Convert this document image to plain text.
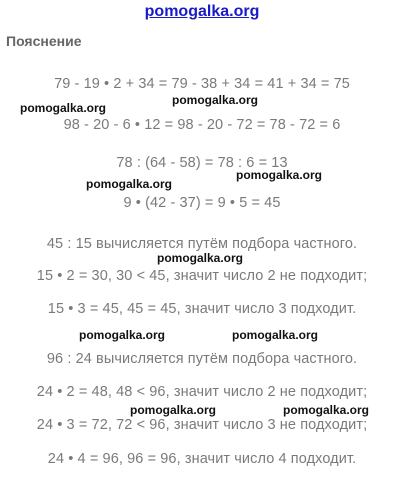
pomogalka.org
Пояснение
79 - 19 • 2 + 34 = 79 - 38 + 34 = 41 + 34 = 75
pomogalka.org
pomogalka.org
98 - 20 - 6 • 12 = 98 - 20 - 72 = 78 - 72 = 6
78 : (64 - 58) = 78 : 6 = 13
pomogalka.org
pomogalka.org
9 • (42 - 37) = 9 • 5 = 45
45 : 15 вычисляется путём подбора частного.
pomogalka.org
15 • 2 = 30, 30 < 45, значит число 2 не подходит;
15 • 3 = 45, 45 = 45, значит число 3 подходит.
pomogalka.org	pomogalka.org
96 : 24 вычисляется путём подбора частного.
24 • 2 = 48, 48 < 96, значит число 2 не подходит;
pomogalka.org	pomogalka.org
24 • 3 = 72, 72 < 96, значит число 3 не подходит;
24 • 4 = 96, 96 = 96, значит число 4 подходит.
